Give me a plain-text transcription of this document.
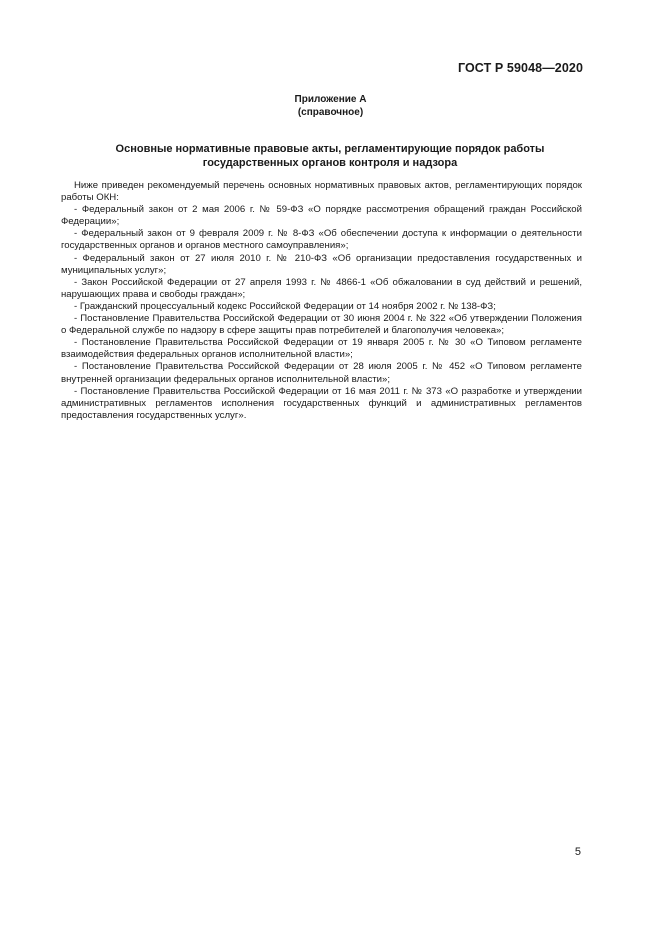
ГОСТ Р 59048—2020
Приложение А
(справочное)
Основные нормативные правовые акты, регламентирующие порядок работы
государственных органов контроля и надзора

Ниже приведен рекомендуемый перечень основных нормативных правовых актов, регламентирующих порядок работы ОКН:

- Федеральный закон от 2 мая 2006 г. № 59-ФЗ «О порядке рассмотрения обращений граждан Российской Федерации»;

- Федеральный закон от 9 февраля 2009 г. № 8-ФЗ «Об обеспечении доступа к информации о деятельности государственных органов и органов местного самоуправления»;

- Федеральный закон от 27 июля 2010 г. № 210-ФЗ «Об организации предоставления государственных и муниципальных услуг»;

- Закон Российской Федерации от 27 апреля 1993 г. № 4866-1 «Об обжаловании в суд действий и решений, нарушающих права и свободы граждан»;

- Гражданский процессуальный кодекс Российской Федерации от 14 ноября 2002 г. № 138-ФЗ;

- Постановление Правительства Российской Федерации от 30 июня 2004 г. № 322 «Об утверждении Положения о Федеральной службе по надзору в сфере защиты прав потребителей и благополучия человека»;

- Постановление Правительства Российской Федерации от 19 января 2005 г. № 30 «О Типовом регламенте взаимодействия федеральных органов исполнительной власти»;

- Постановление Правительства Российской Федерации от 28 июля 2005 г. № 452 «О Типовом регламенте внутренней организации федеральных органов исполнительной власти»;

- Постановление Правительства Российской Федерации от 16 мая 2011 г. № 373 «О разработке и утверждении административных регламентов исполнения государственных функций и административных регламентов предоставления государственных услуг».

5
